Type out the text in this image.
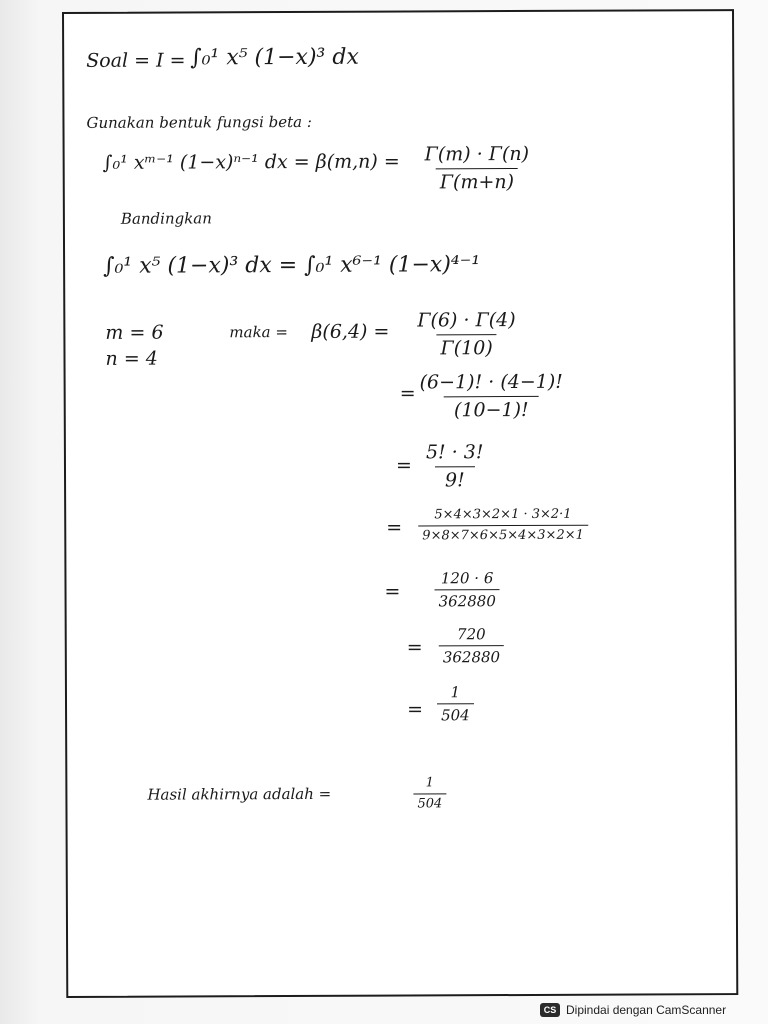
Soal = I = ∫₀¹ x⁵ (1−x)³ dx
Gunakan bentuk fungsi beta :
∫₀¹ xᵐ⁻¹ (1−x)ⁿ⁻¹ dx = $\beta(m,n) = \frac{\Gamma(m) \cdot \Gamma(n)}{\Gamma(m+n)}$
Bandingkan
∫₀¹ x⁵ (1−x)³ dx = ∫₀¹ x⁶⁻¹ (1−x)⁴⁻¹
m = 6
n = 4
maka = $\beta(6,4) = \frac{\Gamma(6) \cdot \Gamma(4)}{\Gamma(10)}$
= $\frac{(6-1)! \cdot (4-1)!}{(10-1)!}$
= $\frac{5! \cdot 3!}{9!}$
= $\frac{5\times 4\times 3\times 2\times 1 \cdot 3\times 2\cdot 1}{9\times 8\times 7\times 6\times 5\times 4\times 3\times 2\times 1}$
= $\frac{120 \cdot 6}{362880}$
= $\frac{720}{362880}$
= $\frac{1}{504}$
Hasil akhirnya adalah =	$\frac{1}{504}$
CS Dipindai dengan CamScanner
